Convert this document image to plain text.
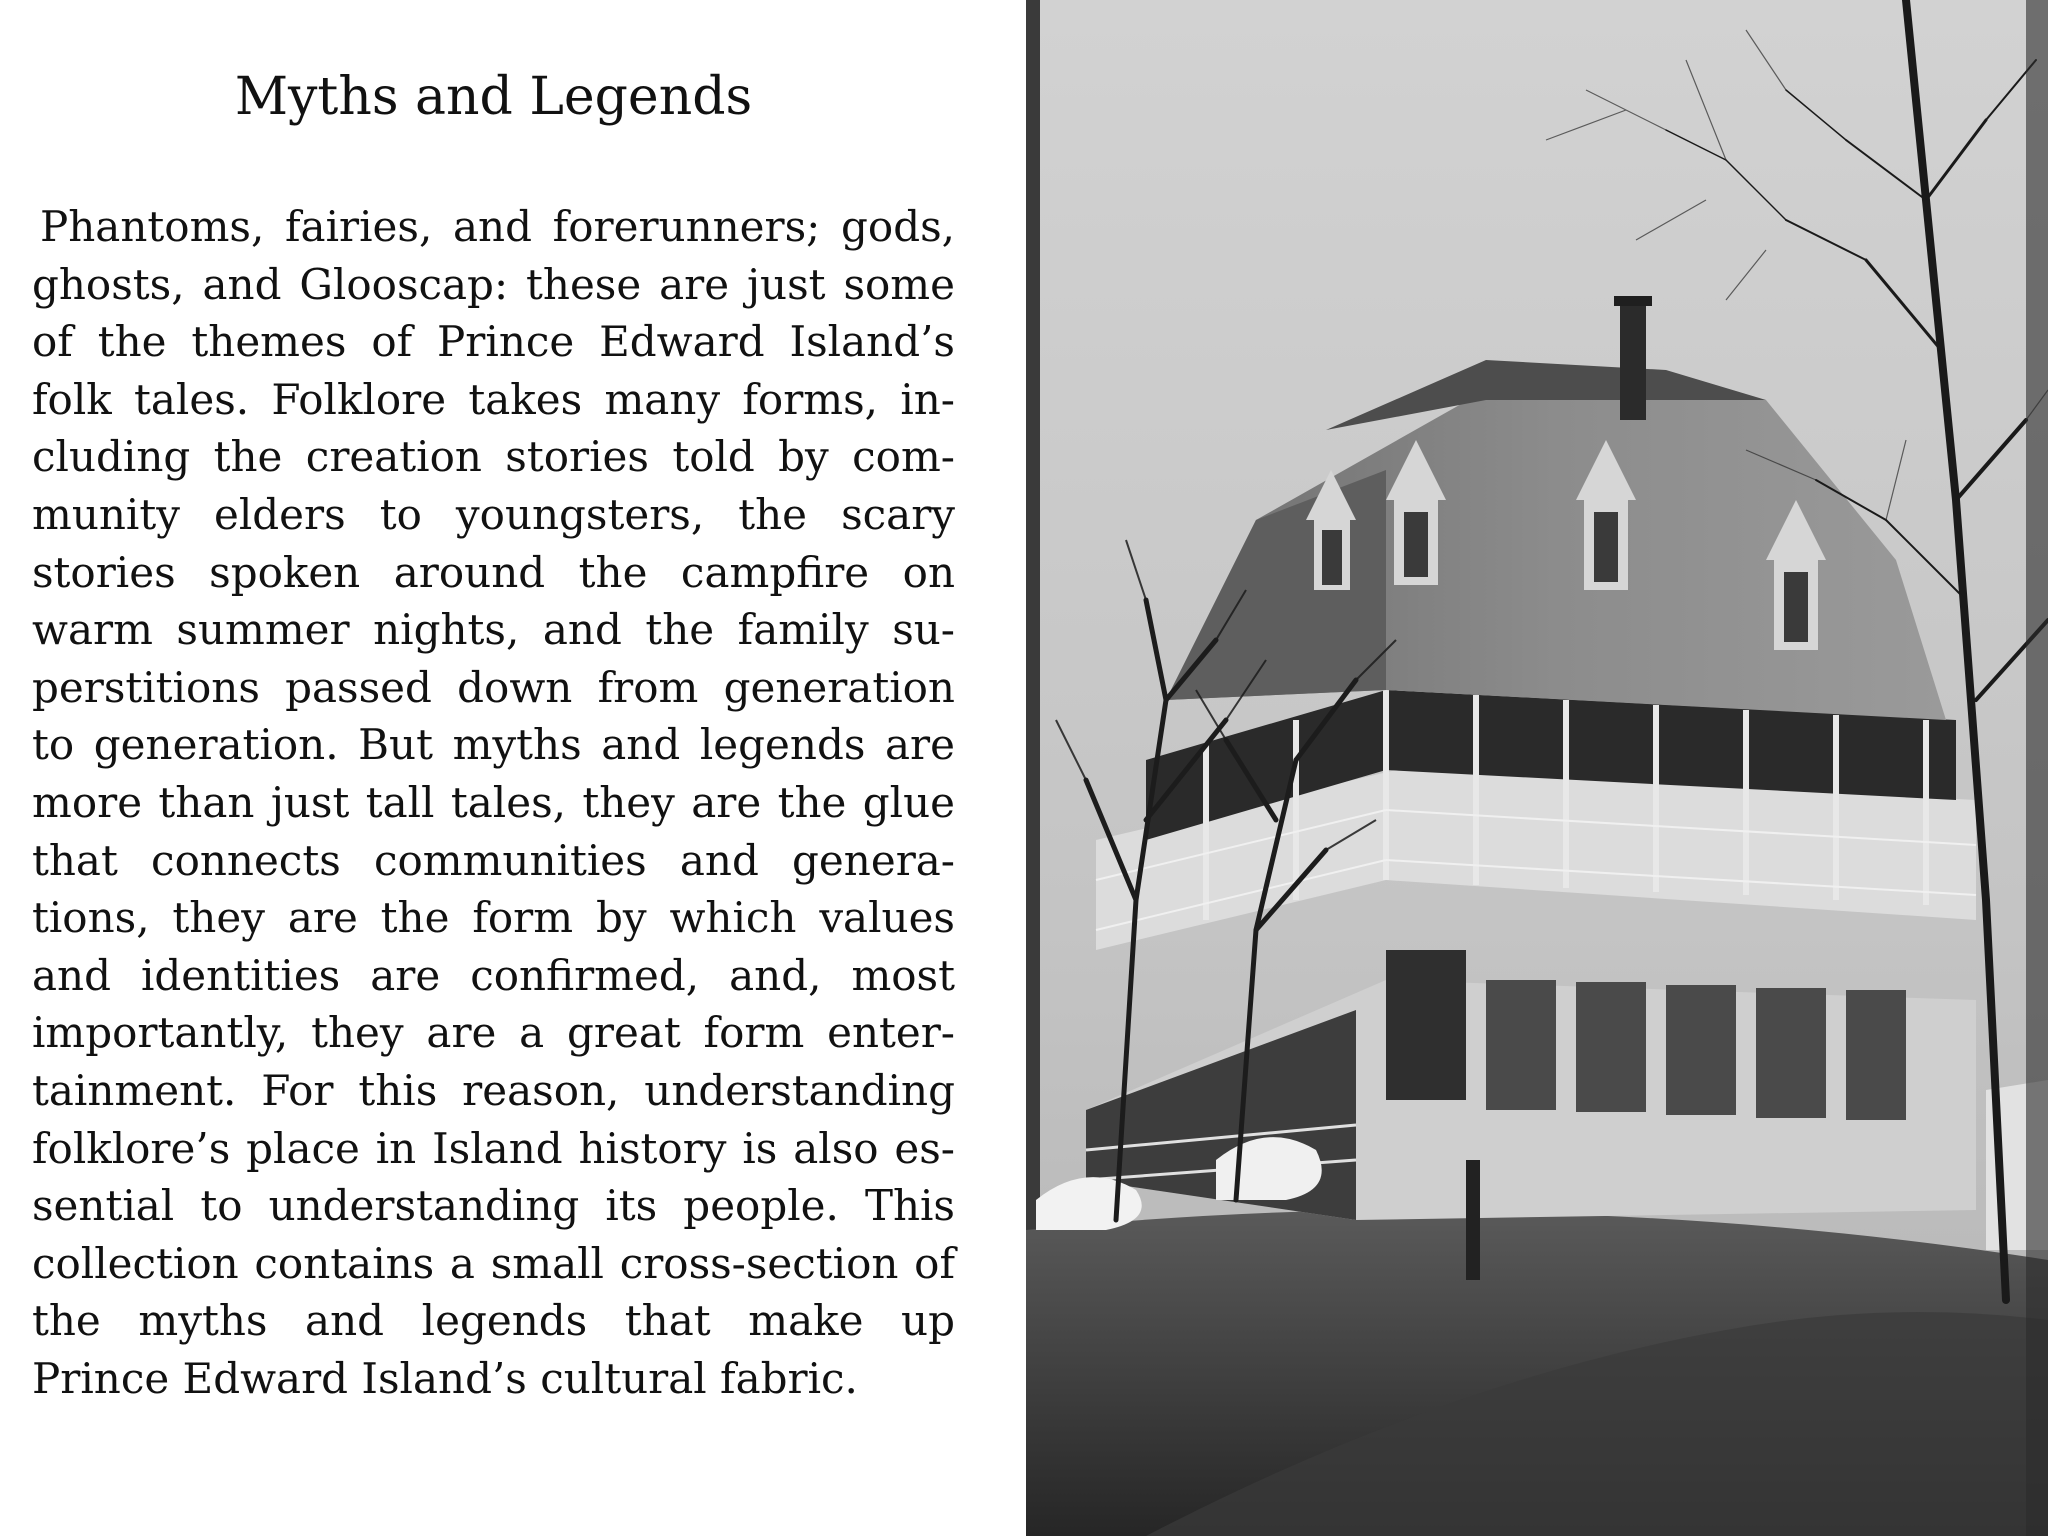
Myths and Legends
Phantoms, fairies, and forerunners; gods,
ghosts, and Glooscap: these are just some
of the themes of Prince Edward Island’s
folk tales. Folklore takes many forms, in-
cluding the creation stories told by com-
munity elders to youngsters, the scary
stories spoken around the campfire on
warm summer nights, and the family su-
perstitions passed down from generation
to generation. But myths and legends are
more than just tall tales, they are the glue
that connects communities and genera-
tions, they are the form by which values
and identities are confirmed, and, most
importantly, they are a great form enter-
tainment. For this reason, understanding
folklore’s place in Island history is also es-
sential to understanding its people. This
collection contains a small cross-section of
the myths and legends that make up
Prince Edward Island’s cultural fabric.
